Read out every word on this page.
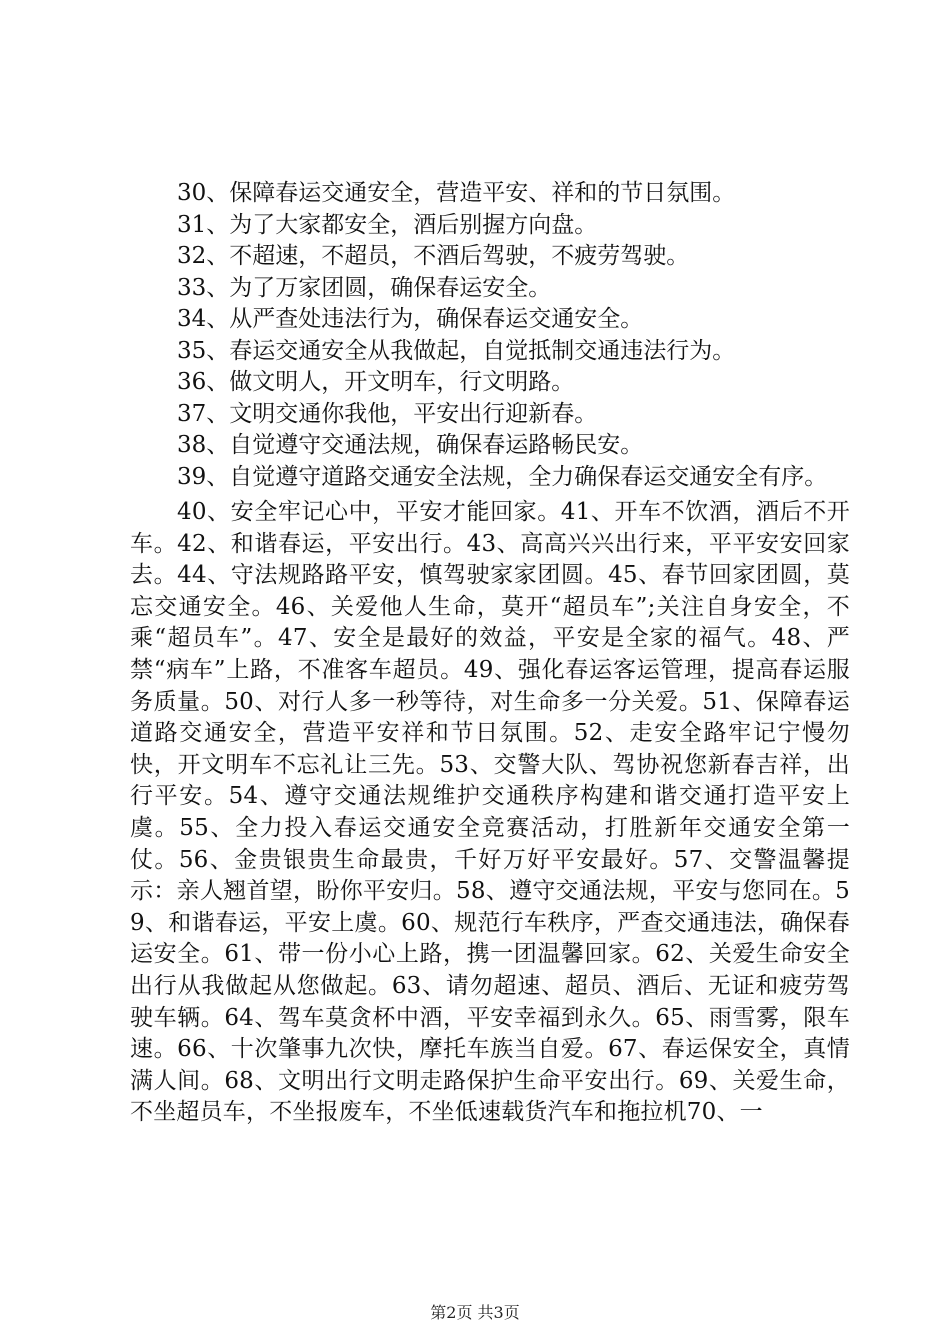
30、保障春运交通安全，营造平安、祥和的节日氛围。
31、为了大家都安全，酒后别握方向盘。
32、不超速，不超员，不酒后驾驶，不疲劳驾驶。
33、为了万家团圆，确保春运安全。
34、从严查处违法行为，确保春运交通安全。
35、春运交通安全从我做起，自觉抵制交通违法行为。
36、做文明人，开文明车，行文明路。
37、文明交通你我他，平安出行迎新春。
38、自觉遵守交通法规，确保春运路畅民安。
39、自觉遵守道路交通安全法规，全力确保春运交通安全有序。
40、安全牢记心中，平安才能回家。41、开车不饮酒，酒后不开车。42、和谐春运，平安出行。43、高高兴兴出行来，平平安安回家去。44、守法规路路平安，慎驾驶家家团圆。45、春节回家团圆，莫忘交通安全。46、关爱他人生命，莫开“超员车”;关注自身安全，不乘“超员车”。47、安全是最好的效益，平安是全家的福气。48、严禁“病车”上路，不准客车超员。49、强化春运客运管理，提高春运服务质量。50、对行人多一秒等待，对生命多一分关爱。51、保障春运道路交通安全，营造平安祥和节日氛围。52、走安全路牢记宁慢勿快，开文明车不忘礼让三先。53、交警大队、驾协祝您新春吉祥，出行平安。54、遵守交通法规维护交通秩序构建和谐交通打造平安上虞。55、全力投入春运交通安全竞赛活动，打胜新年交通安全第一仗。56、金贵银贵生命最贵，千好万好平安最好。57、交警温馨提示：亲人翘首望，盼你平安归。58、遵守交通法规，平安与您同在。59、和谐春运，平安上虞。60、规范行车秩序，严查交通违法，确保春运安全。61、带一份小心上路，携一团温馨回家。62、关爱生命安全出行从我做起从您做起。63、请勿超速、超员、酒后、无证和疲劳驾驶车辆。64、驾车莫贪杯中酒，平安幸福到永久。65、雨雪雾，限车速。66、十次肇事九次快，摩托车族当自爱。67、春运保安全，真情满人间。68、文明出行文明走路保护生命平安出行。69、关爱生命，不坐超员车，不坐报废车，不坐低速载货汽车和拖拉机70、一
第2页 共3页
